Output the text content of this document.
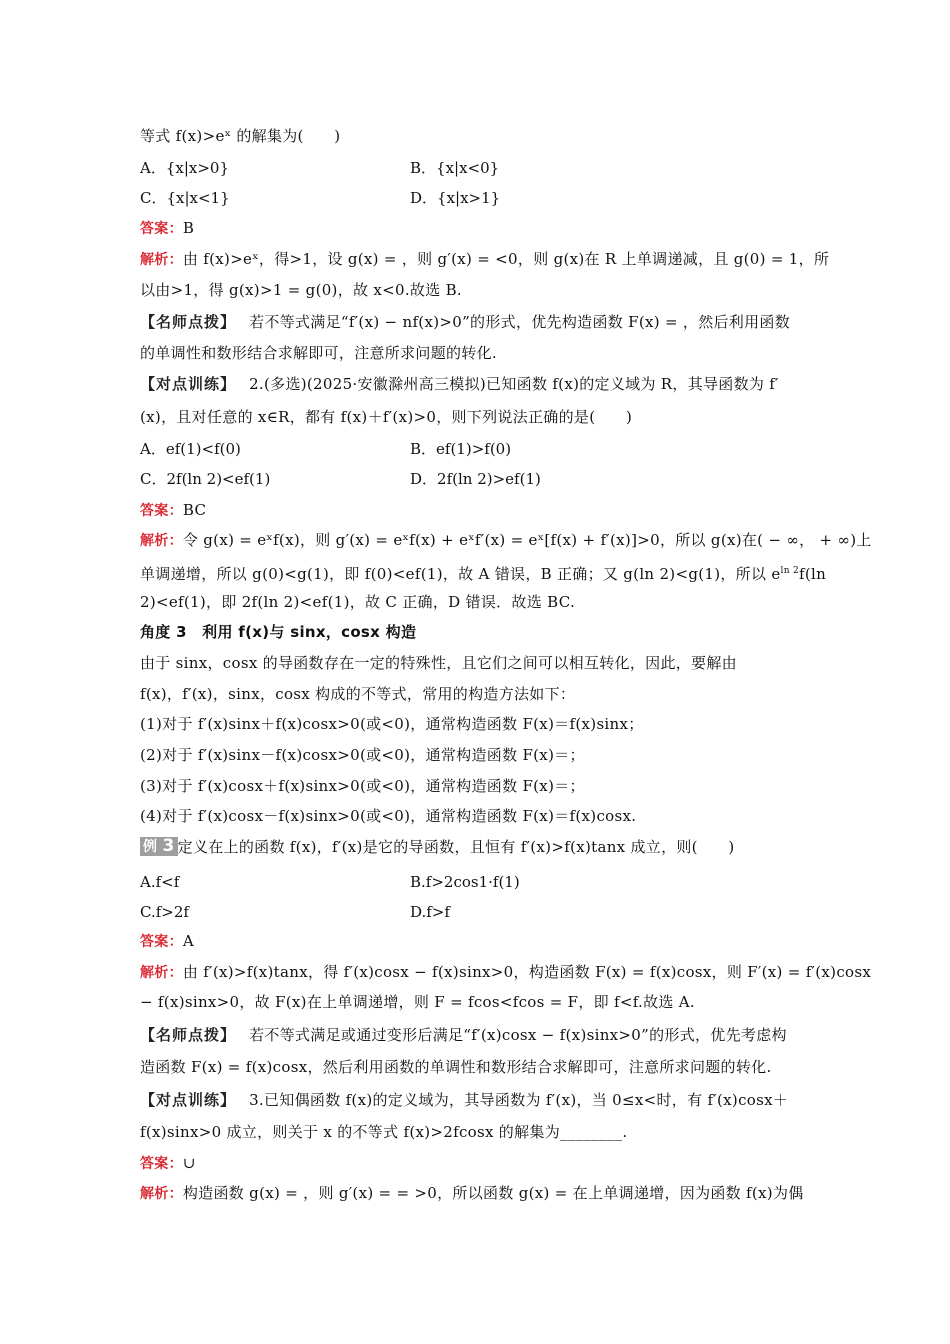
等式 f(x)>eˣ 的解集为(　　)
A．{x|x>0}	B．{x|x<0}
C．{x|x<1}	D．{x|x>1}
答案：B
解析：由 f(x)>eˣ，得>1，设 g(x) = ，则 g′(x) = <0，则 g(x)在 R 上单调递减，且 g(0) = 1，所
以由>1，得 g(x)>1 = g(0)，故 x<0.故选 B.
【名师点拨】 若不等式满足“f′(x) − nf(x)>0”的形式，优先构造函数 F(x) = ，然后利用函数
的单调性和数形结合求解即可，注意所求问题的转化.
【对点训练】 2.(多选)(2025·安徽滁州高三模拟)已知函数 f(x)的定义域为 R，其导函数为 f′
(x)，且对任意的 x∈R，都有 f(x)＋f′(x)>0，则下列说法正确的是(　　)
A．ef(1)<f(0)	B．ef(1)>f(0)
C．2f(ln 2)<ef(1)	D．2f(ln 2)>ef(1)
答案：BC
解析：令 g(x) = eˣf(x)，则 g′(x) = eˣf(x) + eˣf′(x) = eˣ[f(x) + f′(x)]>0，所以 g(x)在( − ∞， + ∞)上
单调递增，所以 g(0)<g(1)，即 f(0)<ef(1)，故 A 错误，B 正确；又 g(ln 2)<g(1)，所以 $e^{ln 2}f(\ln$
2)<ef(1)，即 2f(ln 2)<ef(1)，故 C 正确，D 错误．故选 BC.
角度 3　利用 f(x)与 sinx，cosx 构造
由于 sinx，cosx 的导函数存在一定的特殊性，且它们之间可以相互转化，因此，要解由
f(x)，f′(x)，sinx，cosx 构成的不等式，常用的构造方法如下：
(1)对于 f′(x)sinx＋f(x)cosx>0(或<0)，通常构造函数 F(x)＝f(x)sinx；
(2)对于 f′(x)sinx－f(x)cosx>0(或<0)，通常构造函数 F(x)＝；
(3)对于 f′(x)cosx＋f(x)sinx>0(或<0)，通常构造函数 F(x)＝；
(4)对于 f′(x)cosx－f(x)sinx>0(或<0)，通常构造函数 F(x)＝f(x)cosx.
例 3 定义在上的函数 f(x)，f′(x)是它的导函数，且恒有 f′(x)>f(x)tanx 成立，则(　　)
A.f<f	B.f>2cos1·f(1)
C.f>2f	D.f>f
答案：A
解析：由 f′(x)>f(x)tanx，得 f′(x)cosx − f(x)sinx>0，构造函数 F(x) = f(x)cosx，则 F′(x) = f′(x)cosx
− f(x)sinx>0，故 F(x)在上单调递增，则 F = fcos<fcos = F，即 f<f.故选 A.
【名师点拨】 若不等式满足或通过变形后满足“f′(x)cosx − f(x)sinx>0”的形式，优先考虑构
造函数 F(x) = f(x)cosx，然后利用函数的单调性和数形结合求解即可，注意所求问题的转化.
【对点训练】 3.已知偶函数 f(x)的定义域为，其导函数为 f′(x)，当 0≤x<时，有 f′(x)cosx＋
f(x)sinx>0 成立，则关于 x 的不等式 f(x)>2fcosx 的解集为________.
答案：∪
解析：构造函数 g(x) = ，则 g′(x) = = >0，所以函数 g(x) = 在上单调递增，因为函数 f(x)为偶
